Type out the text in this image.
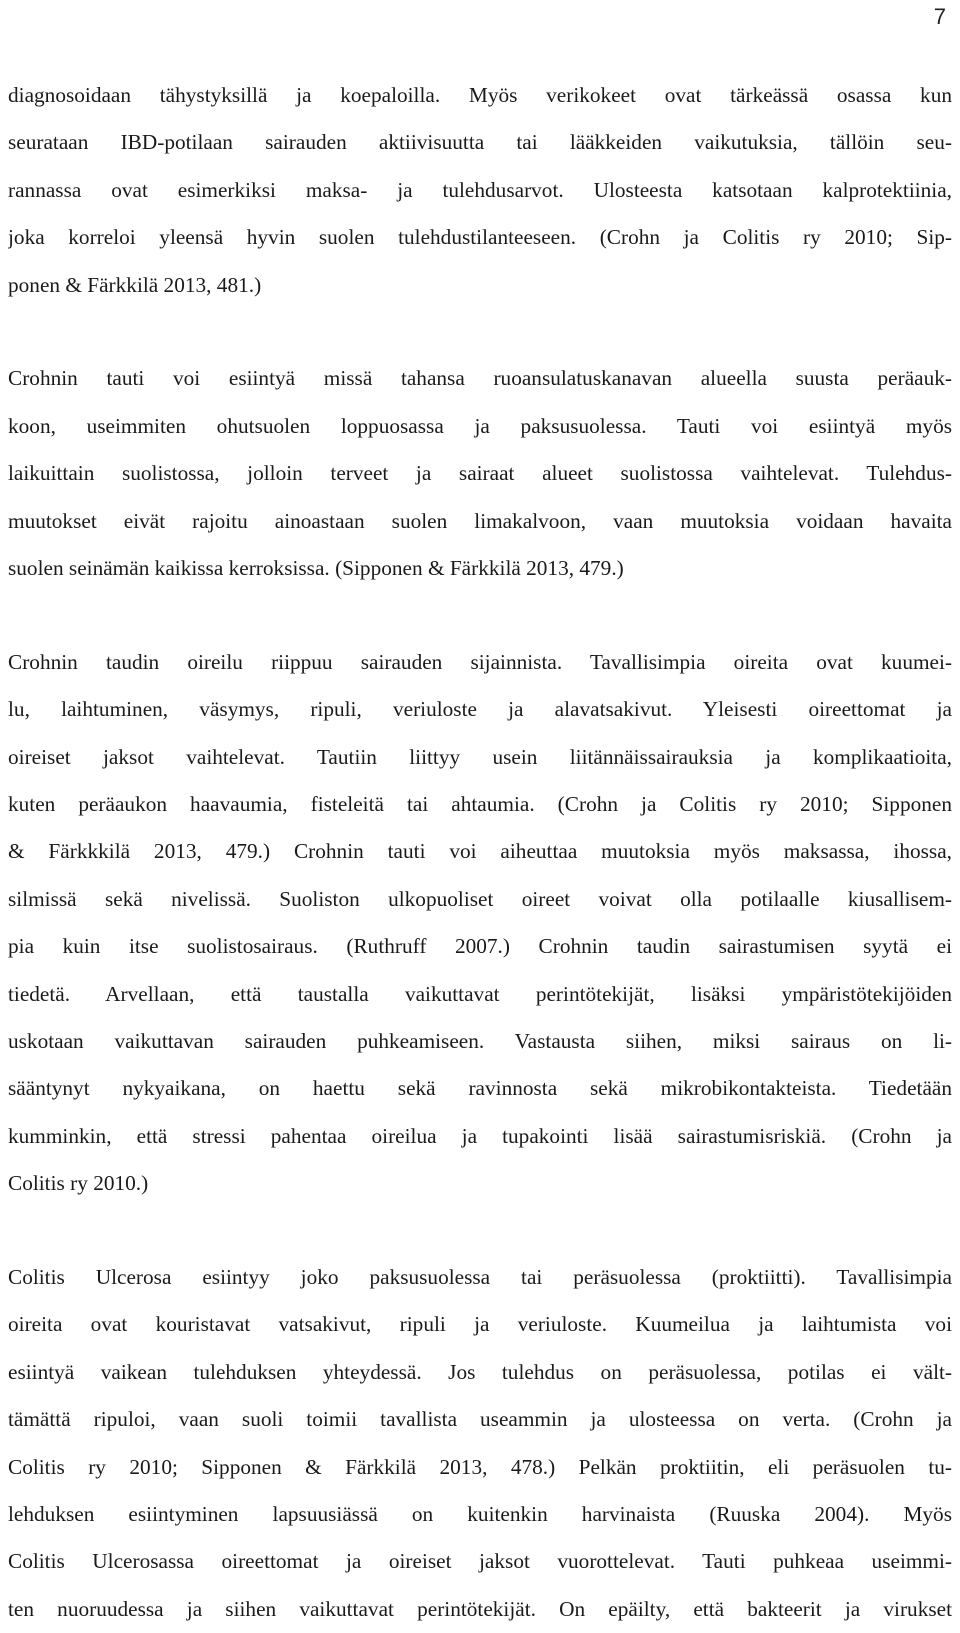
7
diagnosoidaan tähystyksillä ja koepaloilla. Myös verikokeet ovat tärkeässä osassa kun
seurataan IBD-potilaan sairauden aktiivisuutta tai lääkkeiden vaikutuksia, tällöin seu-
rannassa ovat esimerkiksi maksa- ja tulehdusarvot. Ulosteesta katsotaan kalprotektiinia,
joka korreloi yleensä hyvin suolen tulehdustilanteeseen. (Crohn ja Colitis ry 2010; Sip-
ponen & Färkkilä 2013, 481.)
Crohnin tauti voi esiintyä missä tahansa ruoansulatuskanavan alueella suusta peräauk-
koon, useimmiten ohutsuolen loppuosassa ja paksusuolessa. Tauti voi esiintyä myös
laikuittain suolistossa, jolloin terveet ja sairaat alueet suolistossa vaihtelevat. Tulehdus-
muutokset eivät rajoitu ainoastaan suolen limakalvoon, vaan muutoksia voidaan havaita
suolen seinämän kaikissa kerroksissa. (Sipponen & Färkkilä 2013, 479.)
Crohnin taudin oireilu riippuu sairauden sijainnista. Tavallisimpia oireita ovat kuumei-
lu, laihtuminen, väsymys, ripuli, veriuloste ja alavatsakivut. Yleisesti oireettomat ja
oireiset jaksot vaihtelevat. Tautiin liittyy usein liitännäissairauksia ja komplikaatioita,
kuten peräaukon haavaumia, fisteleitä tai ahtaumia. (Crohn ja Colitis ry 2010; Sipponen
& Färkkkilä 2013, 479.) Crohnin tauti voi aiheuttaa muutoksia myös maksassa, ihossa,
silmissä sekä nivelissä. Suoliston ulkopuoliset oireet voivat olla potilaalle kiusallisem-
pia kuin itse suolistosairaus. (Ruthruff 2007.) Crohnin taudin sairastumisen syytä ei
tiedetä. Arvellaan, että taustalla vaikuttavat perintötekijät, lisäksi ympäristötekijöiden
uskotaan vaikuttavan sairauden puhkeamiseen. Vastausta siihen, miksi sairaus on li-
sääntynyt nykyaikana, on haettu sekä ravinnosta sekä mikrobikontakteista. Tiedetään
kumminkin, että stressi pahentaa oireilua ja tupakointi lisää sairastumisriskiä. (Crohn ja
Colitis ry 2010.)
Colitis Ulcerosa esiintyy joko paksusuolessa tai peräsuolessa (proktiitti). Tavallisimpia
oireita ovat kouristavat vatsakivut, ripuli ja veriuloste. Kuumeilua ja laihtumista voi
esiintyä vaikean tulehduksen yhteydessä. Jos tulehdus on peräsuolessa, potilas ei vält-
tämättä ripuloi, vaan suoli toimii tavallista useammin ja ulosteessa on verta. (Crohn ja
Colitis ry 2010; Sipponen & Färkkilä 2013, 478.) Pelkän proktiitin, eli peräsuolen tu-
lehduksen esiintyminen lapsuusiässä on kuitenkin harvinaista (Ruuska 2004). Myös
Colitis Ulcerosassa oireettomat ja oireiset jaksot vuorottelevat. Tauti puhkeaa useimmi-
ten nuoruudessa ja siihen vaikuttavat perintötekijät. On epäilty, että bakteerit ja virukset
